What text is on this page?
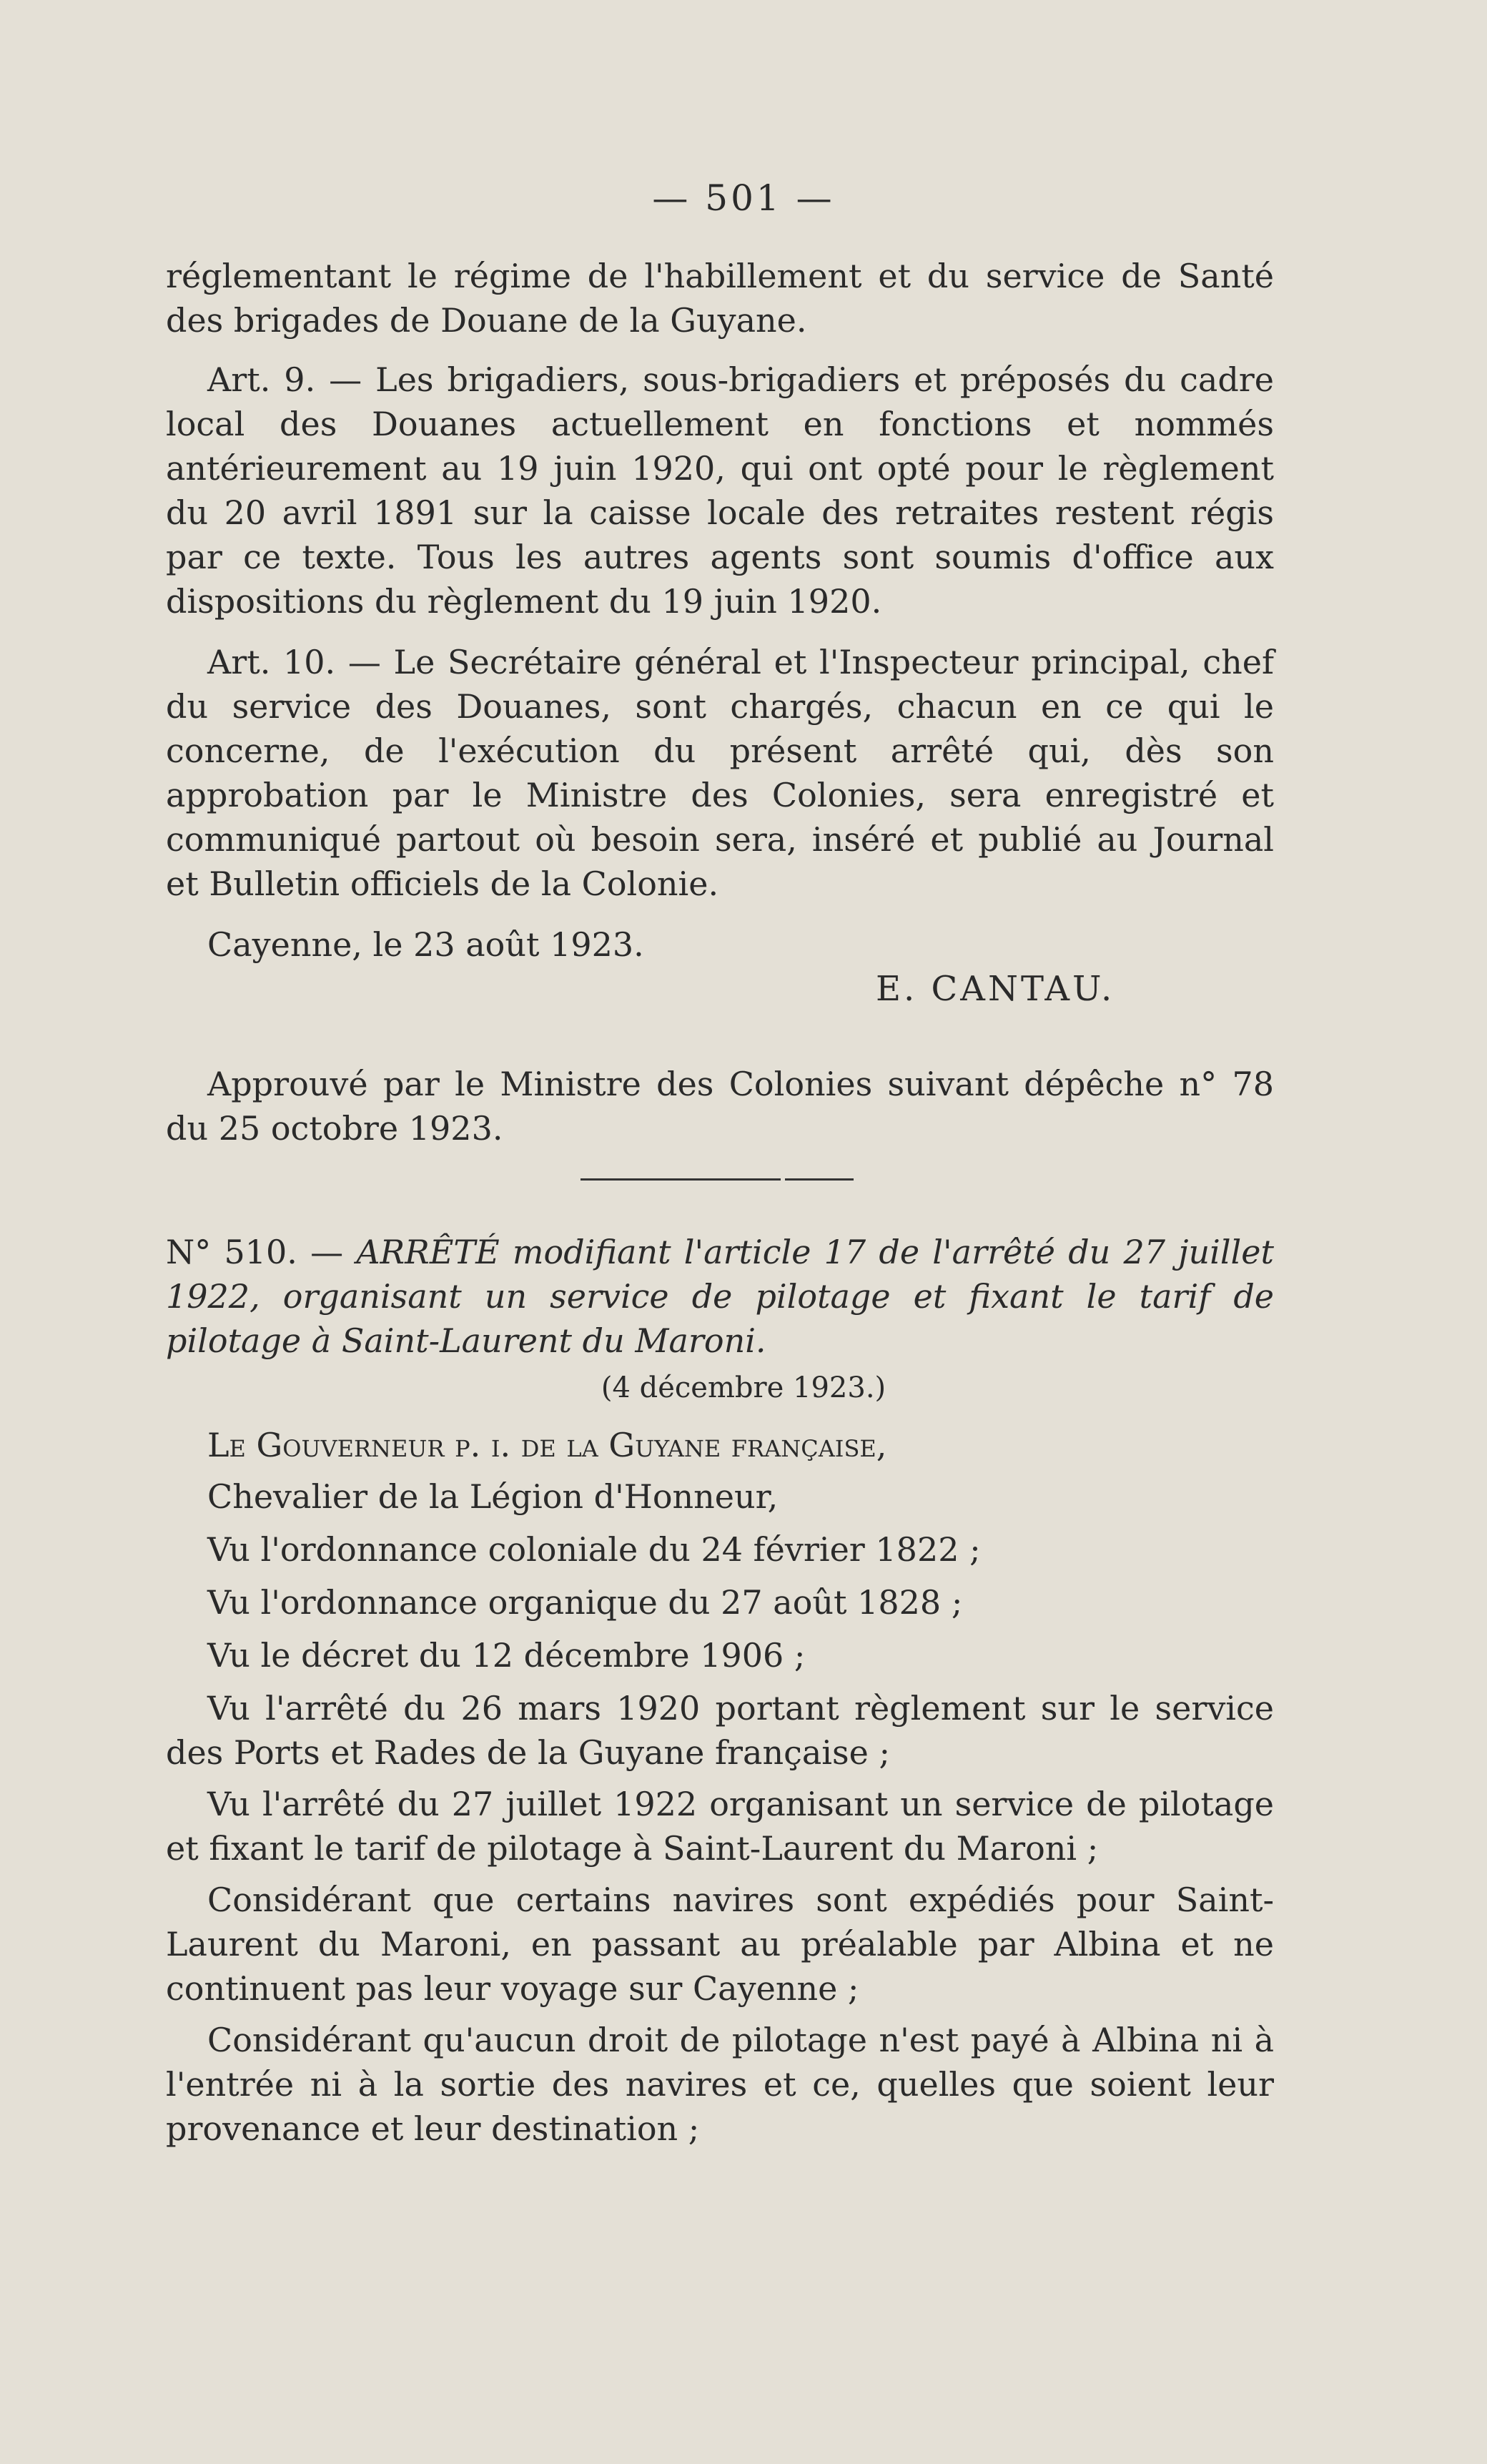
— 501 —
réglementant le régime de l'habillement et du service de Santé des brigades de Douane de la Guyane.
Art. 9. — Les brigadiers, sous-brigadiers et préposés du cadre local des Douanes actuellement en fonctions et nommés antérieurement au 19 juin 1920, qui ont opté pour le règlement du 20 avril 1891 sur la caisse locale des retraites restent régis par ce texte. Tous les autres agents sont soumis d'office aux dispositions du règlement du 19 juin 1920.
Art. 10. — Le Secrétaire général et l'Inspecteur principal, chef du service des Douanes, sont chargés, chacun en ce qui le concerne, de l'exécution du présent arrêté qui, dès son approbation par le Ministre des Colonies, sera enregistré et communiqué partout où besoin sera, inséré et publié au Journal et Bulletin officiels de la Colonie.
Cayenne, le 23 août 1923.
E. CANTAU.
Approuvé par le Ministre des Colonies suivant dépêche n° 78 du 25 octobre 1923.
N° 510. — ARRÊTÉ modifiant l'article 17 de l'arrêté du 27 juillet 1922, organisant un service de pilotage et fixant le tarif de pilotage à Saint-Laurent du Maroni.
(4 décembre 1923.)
Le Gouverneur p. i. de la Guyane française,
Chevalier de la Légion d'Honneur,
Vu l'ordonnance coloniale du 24 février 1822 ;
Vu l'ordonnance organique du 27 août 1828 ;
Vu le décret du 12 décembre 1906 ;
Vu l'arrêté du 26 mars 1920 portant règlement sur le service des Ports et Rades de la Guyane française ;
Vu l'arrêté du 27 juillet 1922 organisant un service de pilotage et fixant le tarif de pilotage à Saint-Laurent du Maroni ;
Considérant que certains navires sont expédiés pour Saint-Laurent du Maroni, en passant au préalable par Albina et ne continuent pas leur voyage sur Cayenne ;
Considérant qu'aucun droit de pilotage n'est payé à Albina ni à l'entrée ni à la sortie des navires et ce, quelles que soient leur provenance et leur destination ;
